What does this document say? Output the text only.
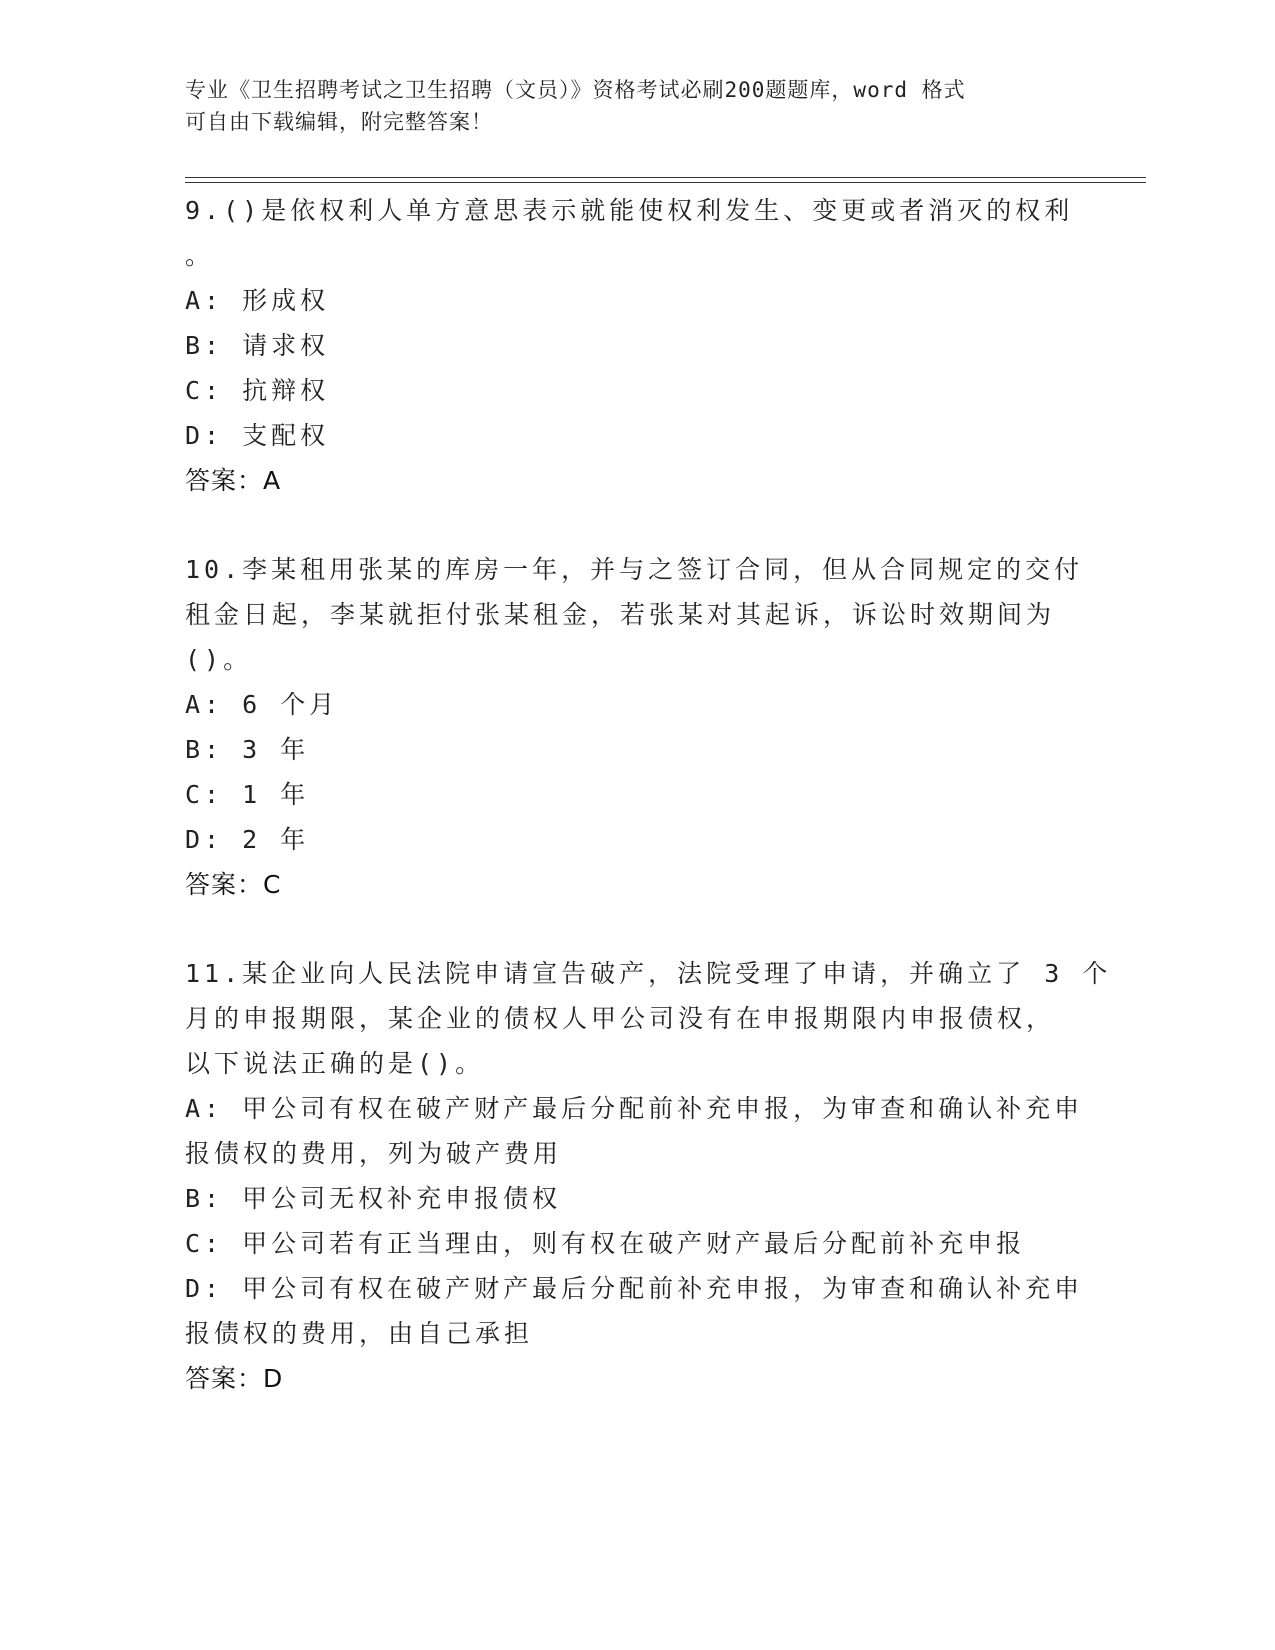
专业《卫生招聘考试之卫生招聘（文员）》资格考试必刷200题题库，word 格式

可自由下载编辑，附完整答案！

9.()是依权利人单方意思表示就能使权利发生、变更或者消灭的权利

。

A: 形成权

B: 请求权

C: 抗辩权

D: 支配权

答案：A

10.李某租用张某的库房一年，并与之签订合同，但从合同规定的交付

租金日起，李某就拒付张某租金，若张某对其起诉，诉讼时效期间为

()。

A: 6 个月

B: 3 年

C: 1 年

D: 2 年

答案：C

11.某企业向人民法院申请宣告破产，法院受理了申请，并确立了 3 个

月的申报期限，某企业的债权人甲公司没有在申报期限内申报债权，

以下说法正确的是()。

A: 甲公司有权在破产财产最后分配前补充申报，为审查和确认补充申

报债权的费用，列为破产费用

B: 甲公司无权补充申报债权

C: 甲公司若有正当理由，则有权在破产财产最后分配前补充申报

D: 甲公司有权在破产财产最后分配前补充申报，为审查和确认补充申

报债权的费用，由自己承担

答案：D
